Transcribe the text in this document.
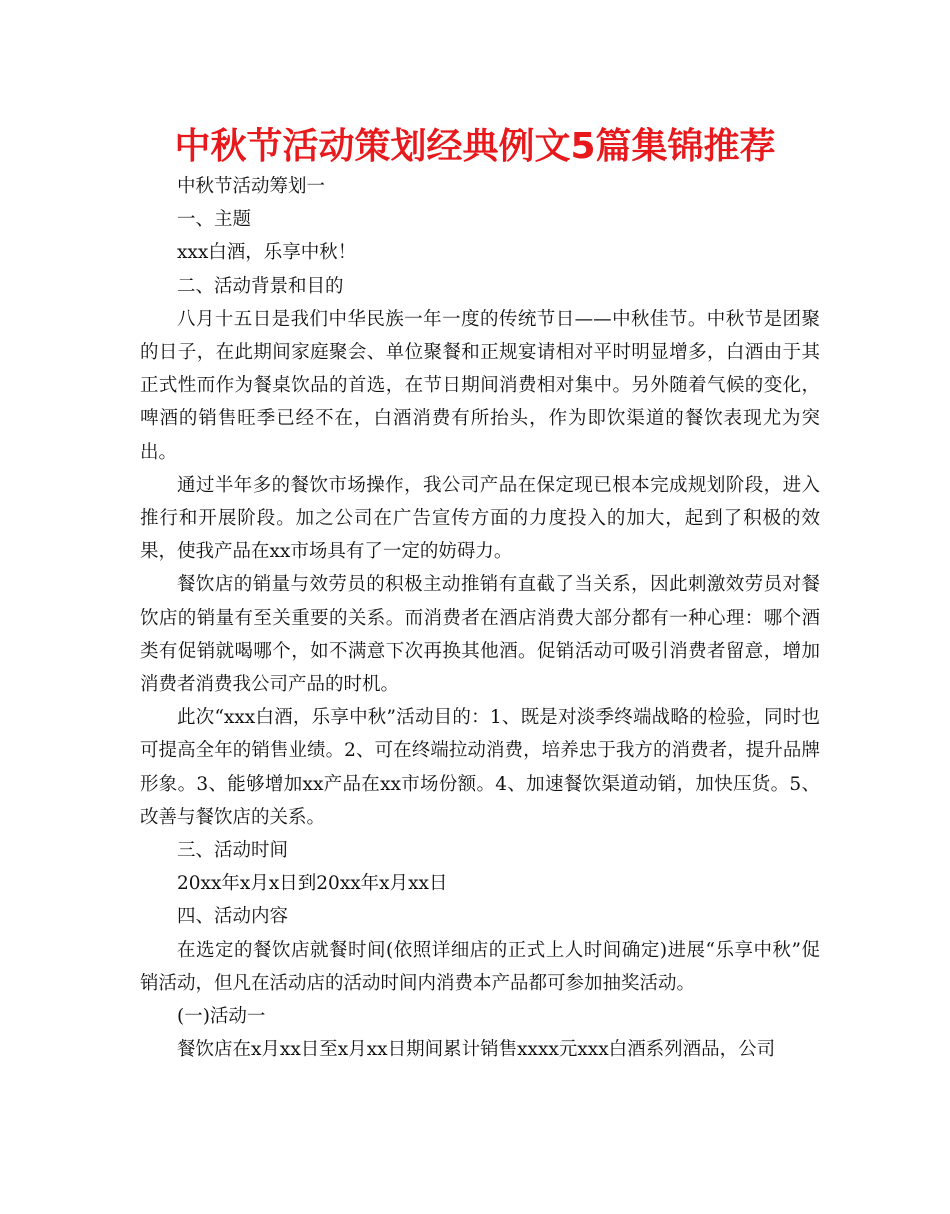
中秋节活动策划经典例文5篇集锦推荐

中秋节活动筹划一

一、主题

xxx白酒，乐享中秋！

二、活动背景和目的

八月十五日是我们中华民族一年一度的传统节日——中秋佳节。中秋节是团聚的日子，在此期间家庭聚会、单位聚餐和正规宴请相对平时明显增多，白酒由于其正式性而作为餐桌饮品的首选，在节日期间消费相对集中。另外随着气候的变化，啤酒的销售旺季已经不在，白酒消费有所抬头，作为即饮渠道的餐饮表现尤为突出。

通过半年多的餐饮市场操作，我公司产品在保定现已根本完成规划阶段，进入推行和开展阶段。加之公司在广告宣传方面的力度投入的加大，起到了积极的效果，使我产品在xx市场具有了一定的妨碍力。

餐饮店的销量与效劳员的积极主动推销有直截了当关系，因此刺激效劳员对餐饮店的销量有至关重要的关系。而消费者在酒店消费大部分都有一种心理：哪个酒类有促销就喝哪个，如不满意下次再换其他酒。促销活动可吸引消费者留意，增加消费者消费我公司产品的时机。

此次“xxx白酒，乐享中秋”活动目的：1、既是对淡季终端战略的检验，同时也可提高全年的销售业绩。2、可在终端拉动消费，培养忠于我方的消费者，提升品牌形象。3、能够增加xx产品在xx市场份额。4、加速餐饮渠道动销，加快压货。5、改善与餐饮店的关系。

三、活动时间

20xx年x月x日到20xx年x月xx日

四、活动内容

在选定的餐饮店就餐时间(依照详细店的正式上人时间确定)进展“乐享中秋”促销活动，但凡在活动店的活动时间内消费本产品都可参加抽奖活动。

(一)活动一

餐饮店在x月xx日至x月xx日期间累计销售xxxx元xxx白酒系列酒品，公司
